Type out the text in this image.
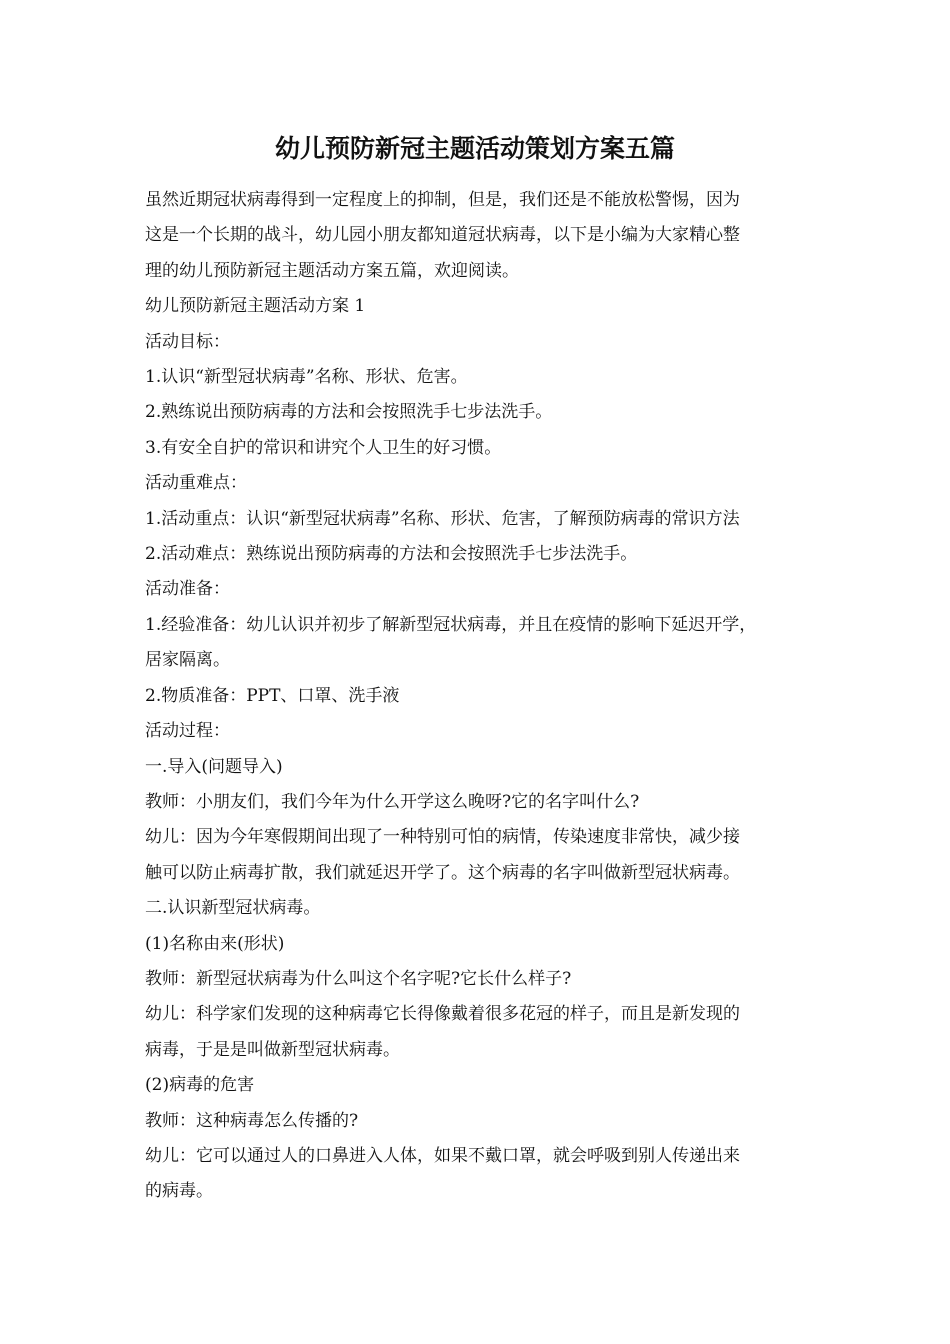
幼儿预防新冠主题活动策划方案五篇

虽然近期冠状病毒得到一定程度上的抑制，但是，我们还是不能放松警惕，因为

这是一个长期的战斗，幼儿园小朋友都知道冠状病毒，以下是小编为大家精心整

理的幼儿预防新冠主题活动方案五篇，欢迎阅读。

幼儿预防新冠主题活动方案 1

活动目标：

1.认识“新型冠状病毒”名称、形状、危害。

2.熟练说出预防病毒的方法和会按照洗手七步法洗手。

3.有安全自护的常识和讲究个人卫生的好习惯。

活动重难点：

1.活动重点：认识“新型冠状病毒”名称、形状、危害，了解预防病毒的常识方法

2.活动难点：熟练说出预防病毒的方法和会按照洗手七步法洗手。

活动准备：

1.经验准备：幼儿认识并初步了解新型冠状病毒，并且在疫情的影响下延迟开学，

居家隔离。

2.物质准备：PPT、口罩、洗手液

活动过程：

一.导入(问题导入)

教师：小朋友们，我们今年为什么开学这么晚呀?它的名字叫什么?

幼儿：因为今年寒假期间出现了一种特别可怕的病情，传染速度非常快，减少接

触可以防止病毒扩散，我们就延迟开学了。这个病毒的名字叫做新型冠状病毒。

二.认识新型冠状病毒。

(1)名称由来(形状)

教师：新型冠状病毒为什么叫这个名字呢?它长什么样子?

幼儿：科学家们发现的这种病毒它长得像戴着很多花冠的样子，而且是新发现的

病毒，于是是叫做新型冠状病毒。

(2)病毒的危害

教师：这种病毒怎么传播的?

幼儿：它可以通过人的口鼻进入人体，如果不戴口罩，就会呼吸到别人传递出来

的病毒。
